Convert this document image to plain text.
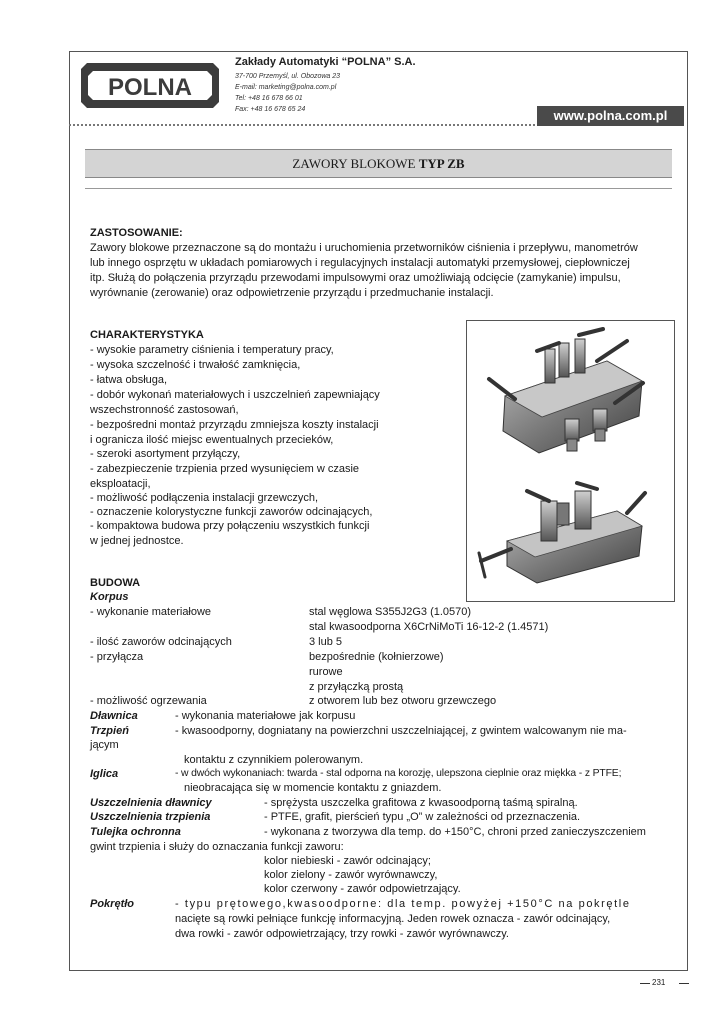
POLNA
Zakłady Automatyki “POLNA” S.A.
37-700 Przemyśl, ul. Obozowa 23
E-mail: marketing@polna.com.pl
Tel: +48 16 678 66 01
Fax: +48 16 678 65 24	www.polna.com.pl
ZAWORY BLOKOWE TYP ZB
ZASTOSOWANIE:
Zawory blokowe przeznaczone są do montażu i uruchomienia przetworników ciśnienia i przepływu, manometrów
lub innego osprzętu w układach pomiarowych i regulacyjnych instalacji automatyki przemysłowej, ciepłowniczej
itp. Służą do połączenia przyrządu przewodami impulsowymi oraz umożliwiają odcięcie (zamykanie) impulsu,
wyrównanie (zerowanie) oraz odpowietrzenie przyrządu i przedmuchanie instalacji.
CHARAKTERYSTYKA
- wysokie parametry ciśnienia i temperatury pracy,
- wysoka szczelność i trwałość zamknięcia,
- łatwa obsługa,
- dobór wykonań materiałowych i uszczelnień zapewniający
wszechstronność zastosowań,
- bezpośredni montaż przyrządu zmniejsza koszty instalacji
i ogranicza ilość miejsc ewentualnych przecieków,
- szeroki asortyment przyłączy,
- zabezpieczenie trzpienia przed wysunięciem w czasie
eksploatacji,
- możliwość podłączenia instalacji grzewczych,
- oznaczenie kolorystyczne funkcji zaworów odcinających,
- kompaktowa budowa przy połączeniu wszystkich funkcji
w jednej jednostce.
BUDOWA
Korpus
- wykonanie materiałowe	stal węglowa S355J2G3 (1.0570)
stal kwasoodporna X6CrNiMoTi 16-12-2 (1.4571)
- ilość zaworów odcinających	3 lub 5
- przyłącza	bezpośrednie (kołnierzowe)
rurowe
z przyłączką prostą
- możliwość ogrzewania	z otworem lub bez otworu grzewczego
Dławnica	- wykonania materiałowe jak korpusu
Trzpień	- kwasoodporny, dogniatany na powierzchni uszczelniającej, z gwintem walcowanym nie ma-
jącym
kontaktu z czynnikiem polerowanym.
Iglica	- w dwóch wykonaniach: twarda - stal odporna na korozję, ulepszona cieplnie oraz miękka - z PTFE;
nieobracająca się w momencie kontaktu z gniazdem.
Uszczelnienia dławnicy	- sprężysta uszczelka grafitowa z kwasoodporną taśmą spiralną.
Uszczelnienia trzpienia	- PTFE, grafit, pierścień typu „O” w zależności od przeznaczenia.
Tulejka ochronna	- wykonana z tworzywa dla temp. do +150°C, chroni przed zanieczyszczeniem
gwint trzpienia i służy do oznaczania funkcji zaworu:
kolor niebieski - zawór odcinający;
kolor zielony - zawór wyrównawczy,
kolor czerwony - zawór odpowietrzający.
Pokrętło	- typu prętowego,kwasoodporne: dla temp. powyżej +150°C na pokrętle
nacięte są rowki pełniące funkcję informacyjną. Jeden rowek oznacza - zawór odcinający,
dwa rowki - zawór odpowietrzający, trzy rowki - zawór wyrównawczy.
231
